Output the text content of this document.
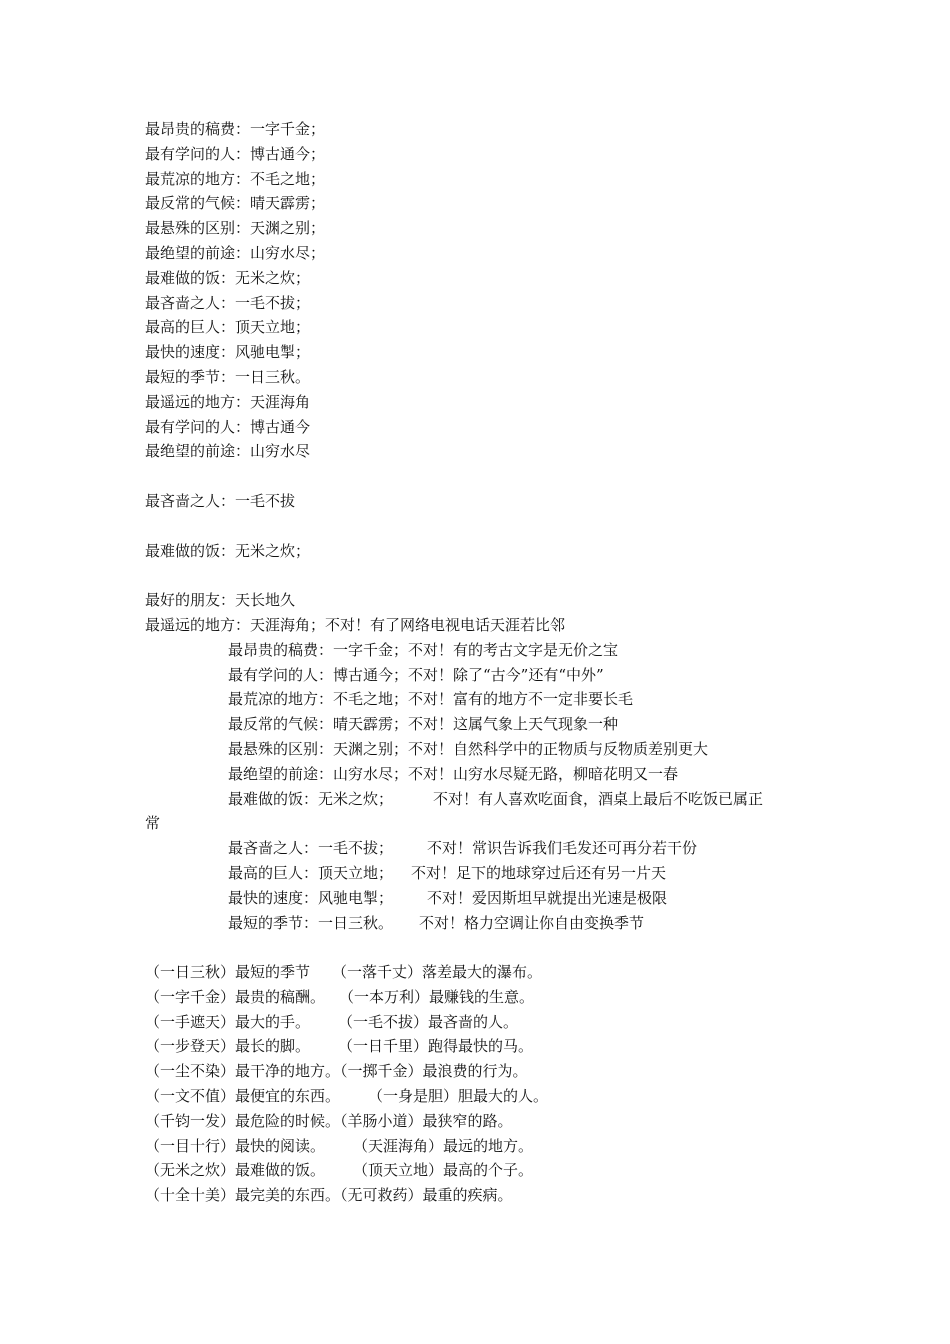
最昂贵的稿费：一字千金；
最有学问的人：博古通今；
最荒凉的地方：不毛之地；
最反常的气候：晴天霹雳；
最悬殊的区别：天渊之别；
最绝望的前途：山穷水尽；
最难做的饭：无米之炊；
最吝啬之人：一毛不拔；
最高的巨人：顶天立地；
最快的速度：风驰电掣；
最短的季节：一日三秋。
最遥远的地方：天涯海角
最有学问的人：博古通今
最绝望的前途：山穷水尽
最吝啬之人：一毛不拔
最难做的饭：无米之炊；
最好的朋友：天长地久
最遥远的地方：天涯海角；不对！有了网络电视电话天涯若比邻
最昂贵的稿费：一字千金；不对！有的考古文字是无价之宝
最有学问的人：博古通今；不对！除了“古今”还有“中外”
最荒凉的地方：不毛之地；不对！富有的地方不一定非要长毛
最反常的气候：晴天霹雳；不对！这属气象上天气现象一种
最悬殊的区别：天渊之别；不对！自然科学中的正物质与反物质差别更大
最绝望的前途：山穷水尽；不对！山穷水尽疑无路，柳暗花明又一春
最难做的饭：无米之炊；	不对！有人喜欢吃面食，酒桌上最后不吃饭已属正
常
最吝啬之人：一毛不拔； 不对！常识告诉我们毛发还可再分若干份
最高的巨人：顶天立地； 不对！足下的地球穿过后还有另一片天
最快的速度：风驰电掣； 不对！爱因斯坦早就提出光速是极限
最短的季节：一日三秋。 不对！格力空调让你自由变换季节
（一日三秋）最短的季节 （一落千丈）落差最大的瀑布。
（一字千金）最贵的稿酬。 （一本万利）最赚钱的生意。
（一手遮天）最大的手。 （一毛不拔）最吝啬的人。
（一步登天）最长的脚。 （一日千里）跑得最快的马。
（一尘不染）最干净的地方。（一掷千金）最浪费的行为。
（一文不值）最便宜的东西。 （一身是胆）胆最大的人。
（千钧一发）最危险的时候。（羊肠小道）最狭窄的路。
（一目十行）最快的阅读。 （天涯海角）最远的地方。
（无米之炊）最难做的饭。 （顶天立地）最高的个子。
（十全十美）最完美的东西。（无可救药）最重的疾病。
